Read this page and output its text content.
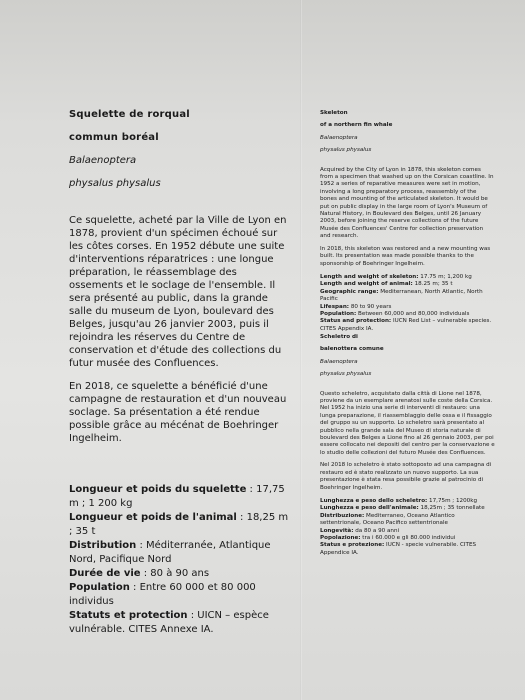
Squelette de rorqual

commun boréal

Balaenoptera

physalus physalus

Ce squelette, acheté par la Ville de Lyon en 1878, provient d'un spécimen échoué sur les côtes corses. En 1952 débute une suite d'interventions réparatrices : une longue préparation, le réassemblage des ossements et le soclage de l'ensemble. Il sera présenté au public, dans la grande salle du museum de Lyon, boulevard des Belges, jusqu'au 26 janvier 2003, puis il rejoindra les réserves du Centre de conservation et d'étude des collections du futur musée des Confluences.

En 2018, ce squelette a bénéficié d'une campagne de restauration et d'un nouveau soclage. Sa présentation a été rendue possible grâce au mécénat de Boehringer Ingelheim.

Longueur et poids du squelette : 17,75 m ; 1 200 kg
Longueur et poids de l'animal : 18,25 m ; 35 t
Distribution : Méditerranée, Atlantique Nord, Pacifique Nord
Durée de vie : 80 à 90 ans
Population : Entre 60 000 et 80 000 individus
Statuts et protection : UICN – espèce vulnérable. CITES Annexe IA.

Skeleton

of a northern fin whale

Balaenoptera

physalus physalus

Acquired by the City of Lyon in 1878, this skeleton comes from a specimen that washed up on the Corsican coastline. In 1952 a series of reparative measures were set in motion, involving a long preparatory process, reassembly of the bones and mounting of the articulated skeleton. It would be put on public display in the large room of Lyon's Museum of Natural History, in Boulevard des Belges, until 26 January 2003, before joining the reserve collections of the future Musée des Confluences' Centre for collection preservation and research.

In 2018, this skeleton was restored and a new mounting was built. Its presentation was made possible thanks to the sponsorship of Boehringer Ingelheim.

Length and weight of skeleton: 17.75 m; 1,200 kg
Length and weight of animal: 18.25 m; 35 t
Geographic range: Mediterranean, North Atlantic, North Pacific
Lifespan: 80 to 90 years
Population: Between 60,000 and 80,000 individuals
Status and protection: IUCN Red List – vulnerable species. CITES Appendix IA.

Scheletro di

balenottera comune

Balaenoptera

physalus physalus

Questo scheletro, acquistato dalla città di Lione nel 1878, proviene da un esemplare arenatosi sulle coste della Corsica. Nel 1952 ha inizio una serie di interventi di restauro: una lunga preparazione, il riassemblaggio delle ossa e il fissaggio del gruppo su un supporto. Lo scheletro sarà presentato al pubblico nella grande sala del Museo di storia naturale di boulevard des Belges a Lione fino al 26 gennaio 2003, per poi essere collocato nei depositi del centro per la conservazione e lo studio delle collezioni del futuro Musée des Confluences.

Nel 2018 lo scheletro è stato sottoposto ad una campagna di restauro ed è stato realizzato un nuovo supporto. La sua presentazione è stata resa possibile grazie al patrocinio di Boehringer Ingelheim.

Lunghezza e peso dello scheletro: 17,75m ; 1200kg
Lunghezza e peso dell'animale: 18,25m ; 35 tonnellate
Distribuzione: Mediterraneo, Oceano Atlantico settentrionale, Oceano Pacifico settentrionale
Longevità: da 80 a 90 anni
Popolazione: tra i 60.000 e gli 80.000 individui
Status e protezione: IUCN - specie vulnerabile. CITES Appendice IA.
